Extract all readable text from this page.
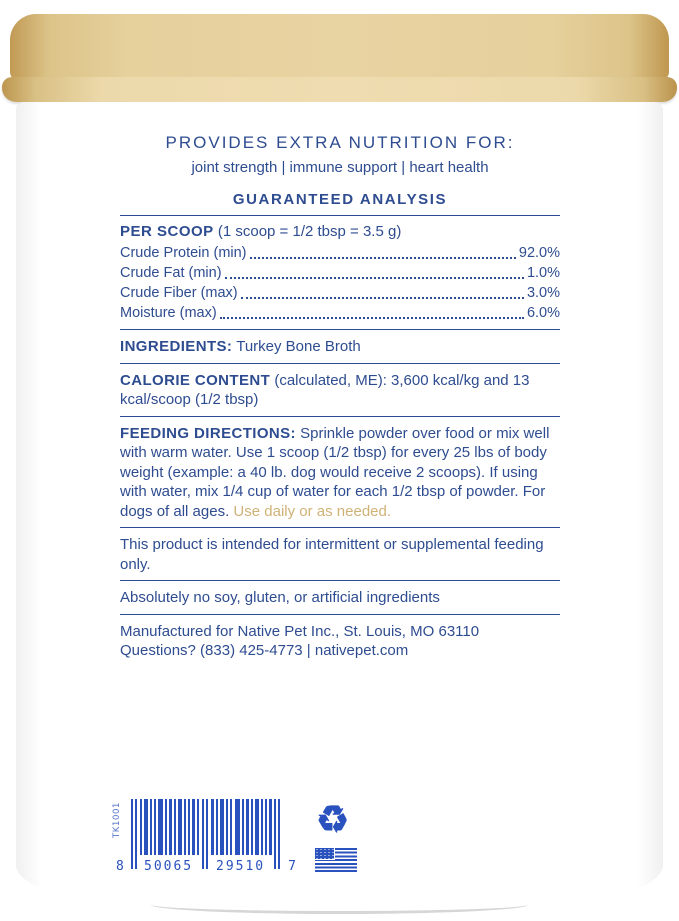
PROVIDES EXTRA NUTRITION FOR:
joint strength | immune support | heart health
GUARANTEED ANALYSIS

PER SCOOP (1 scoop = 1/2 tbsp = 3.5 g)

Crude Protein (min)	92.0%
Crude Fat (min)	1.0%
Crude Fiber (max)	3.0%
Moisture (max)	6.0%

INGREDIENTS: Turkey Bone Broth

CALORIE CONTENT (calculated, ME): 3,600 kcal/kg and 13 kcal/scoop (1/2 tbsp)

FEEDING DIRECTIONS: Sprinkle powder over food or mix well with warm water. Use 1 scoop (1/2 tbsp) for every 25 lbs of body weight (example: a 40 lb. dog would receive 2 scoops). If using with water, mix 1/4 cup of water for each 1/2 tbsp of powder. For dogs of all ages. Use daily or as needed.

This product is intended for intermittent or supplemental feeding only.

Absolutely no soy, gluten, or artificial ingredients

Manufactured for Native Pet Inc., St. Louis, MO 63110

Questions? (833) 425-4773 | nativepet.com

TK1001
8 50065 29510 7
♻
